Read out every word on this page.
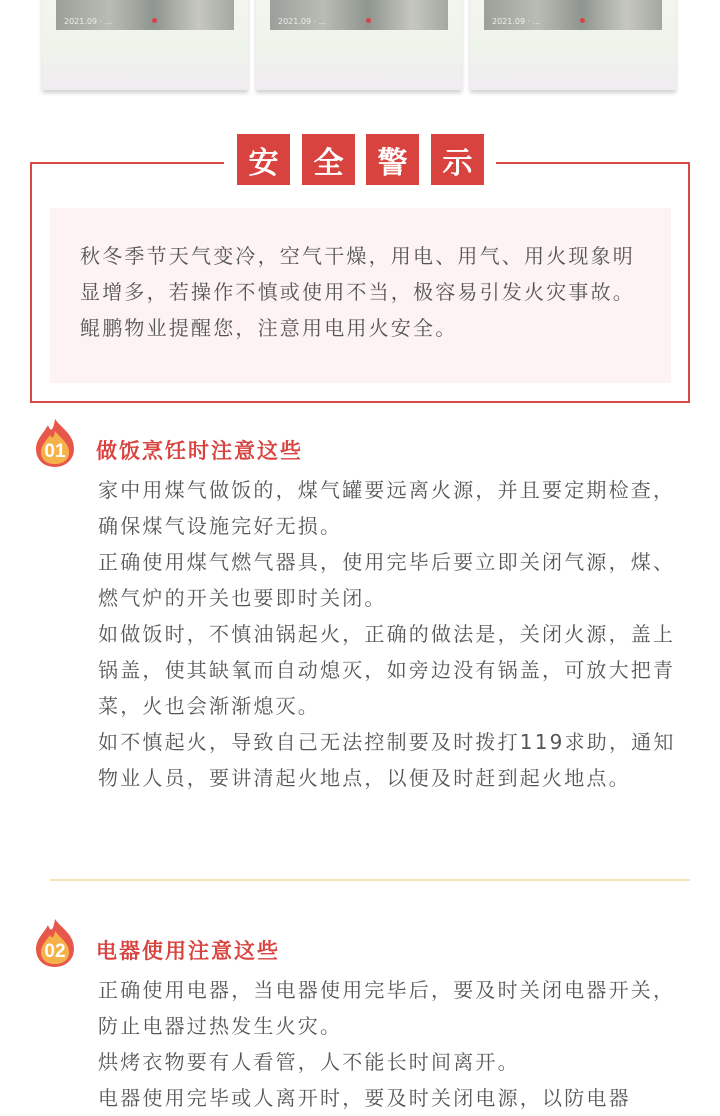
2021.09 · ...	2021.09 · ...	2021.09 · ...
安	全	警	示

秋冬季节天气变冷，空气干燥，用电、用气、用火现象明显增多，若操作不慎或使用不当，极容易引发火灾事故。鲲鹏物业提醒您，注意用电用火安全。

01 做饭烹饪时注意这些

家中用煤气做饭的，煤气罐要远离火源，并且要定期检查，确保煤气设施完好无损。

正确使用煤气燃气器具，使用完毕后要立即关闭气源，煤、燃气炉的开关也要即时关闭。

如做饭时，不慎油锅起火，正确的做法是，关闭火源，盖上锅盖，使其缺氧而自动熄灭，如旁边没有锅盖，可放大把青菜，火也会渐渐熄灭。

如不慎起火，导致自己无法控制要及时拨打119求助，通知物业人员，要讲清起火地点，以便及时赶到起火地点。

02 电器使用注意这些

正确使用电器，当电器使用完毕后，要及时关闭电器开关，防止电器过热发生火灾。

烘烤衣物要有人看管，人不能长时间离开。

电器使用完毕或人离开时，要及时关闭电源，以防电器
